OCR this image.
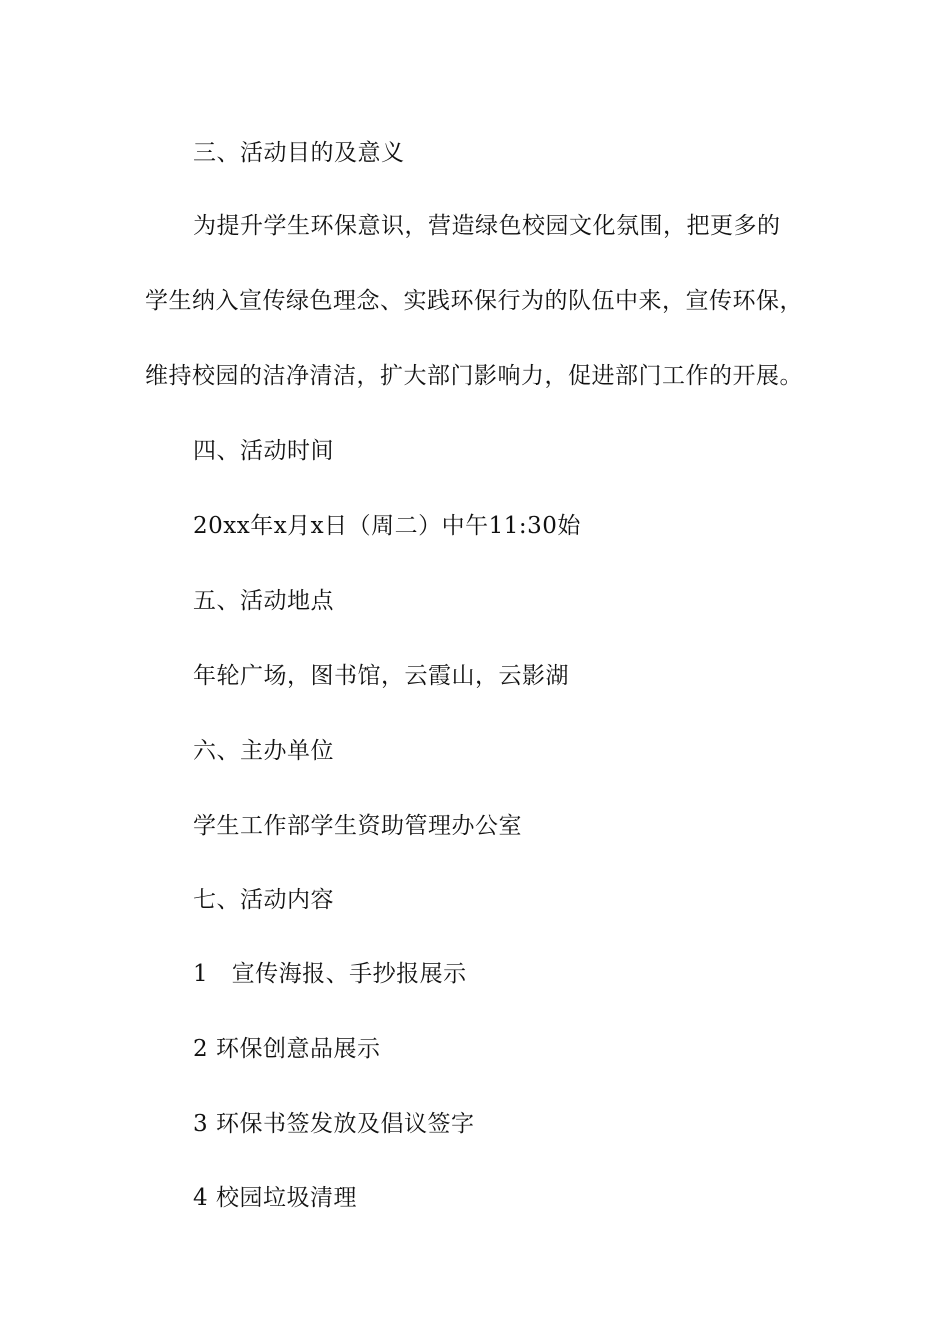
三、活动目的及意义
为提升学生环保意识，营造绿色校园文化氛围，把更多的
学生纳入宣传绿色理念、实践环保行为的队伍中来，宣传环保，
维持校园的洁净清洁，扩大部门影响力，促进部门工作的开展。
四、活动时间
20xx年x月x日（周二）中午11:30始
五、活动地点
年轮广场，图书馆，云霞山，云影湖
六、主办单位
学生工作部学生资助管理办公室
七、活动内容
1　宣传海报、手抄报展示
2 环保创意品展示
3 环保书签发放及倡议签字
4 校园垃圾清理
